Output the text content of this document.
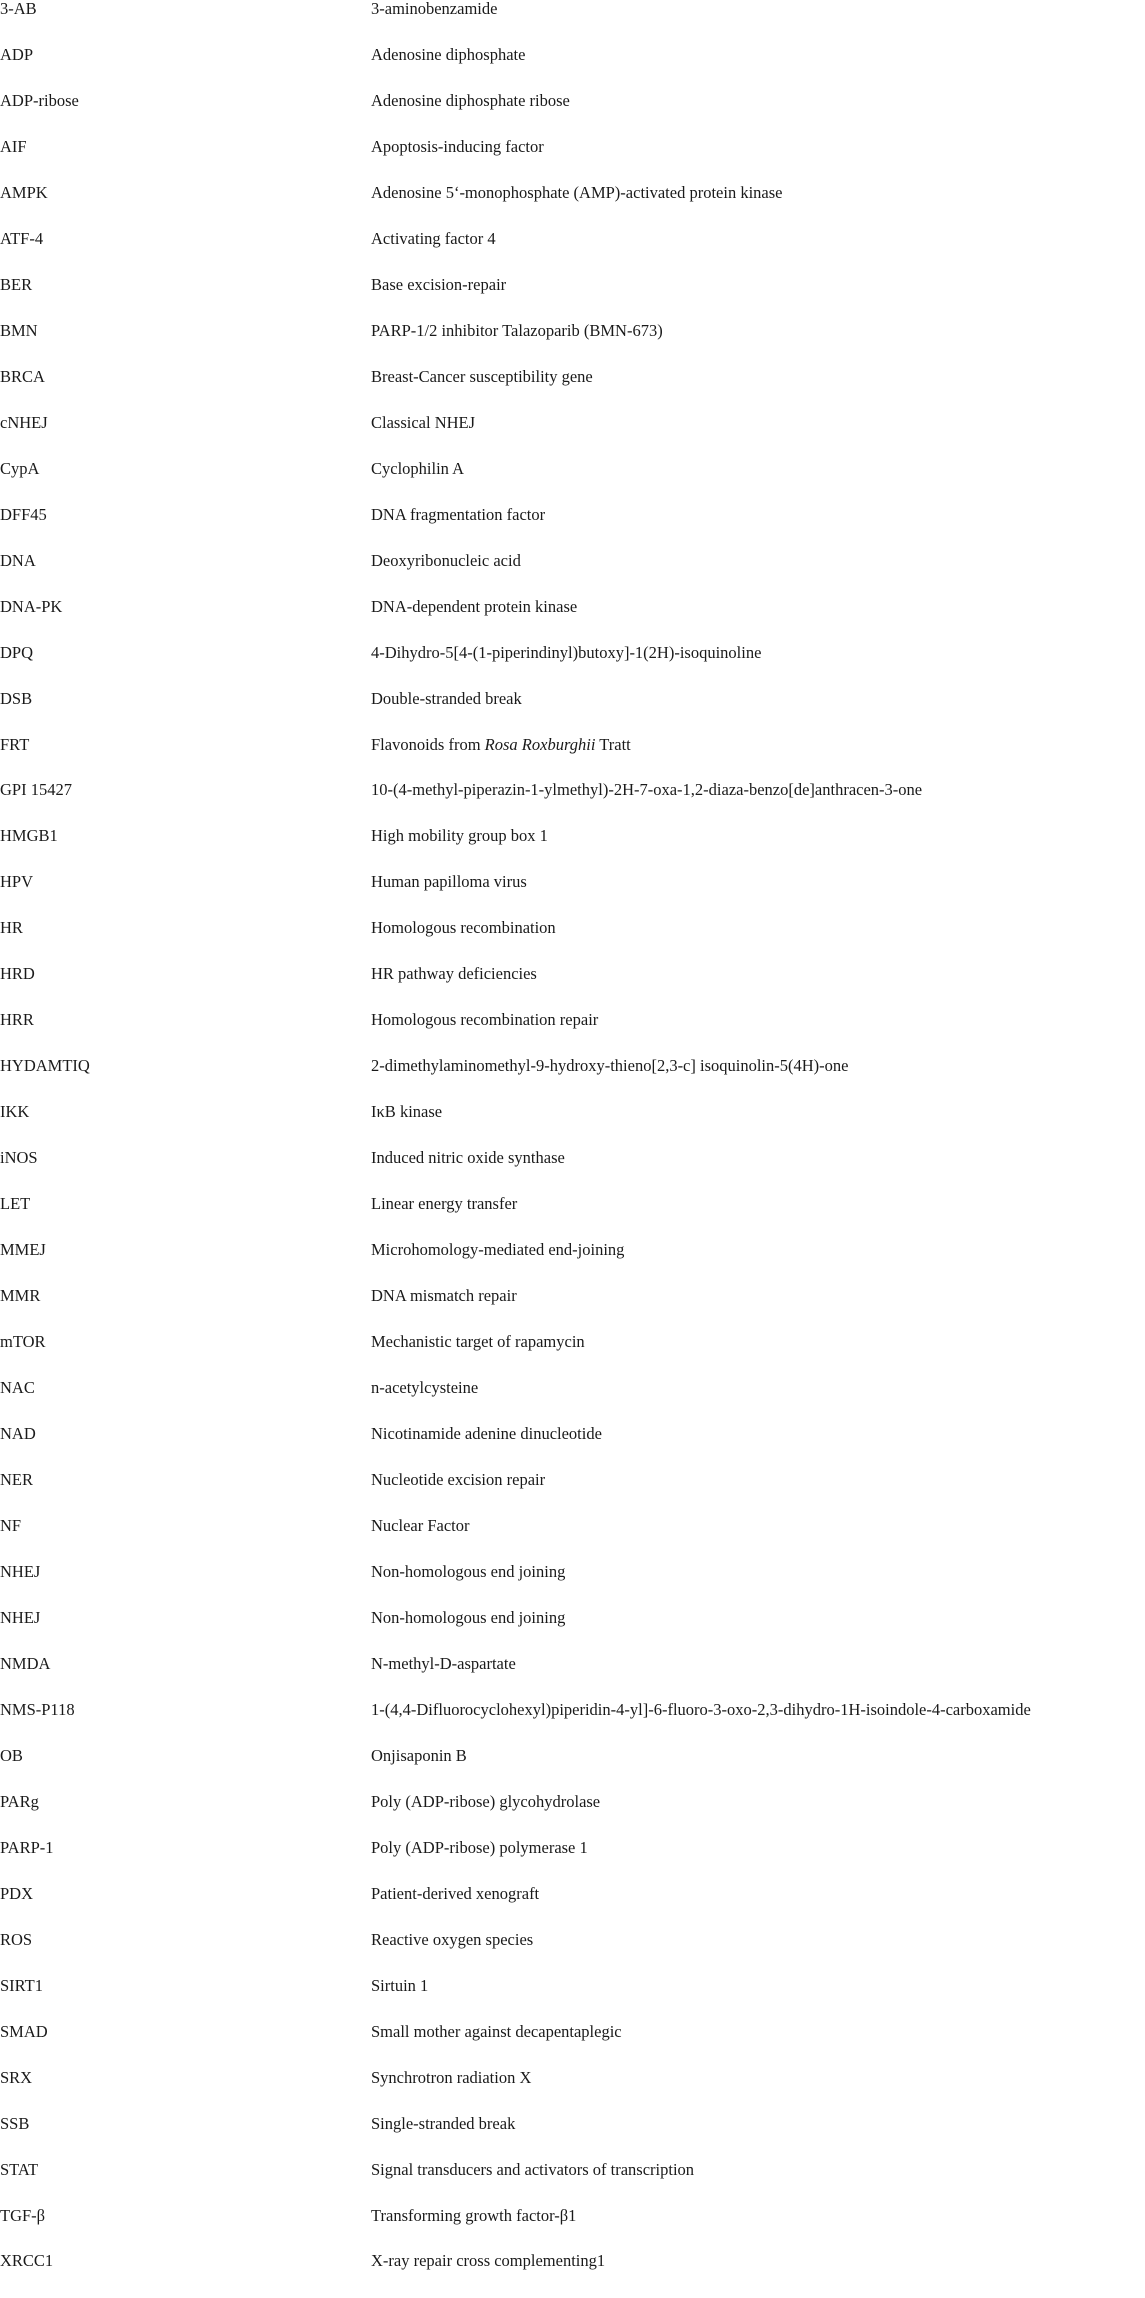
3-AB	3-aminobenzamide
ADP	Adenosine diphosphate
ADP-ribose	Adenosine diphosphate ribose
AIF	Apoptosis-inducing factor
AMPK	Adenosine 5‘-monophosphate (AMP)-activated protein kinase
ATF-4	Activating factor 4
BER	Base excision-repair
BMN	PARP-1/2 inhibitor Talazoparib (BMN-673)
BRCA	Breast-Cancer susceptibility gene
cNHEJ	Classical NHEJ
CypA	Cyclophilin A
DFF45	DNA fragmentation factor
DNA	Deoxyribonucleic acid
DNA-PK	DNA-dependent protein kinase
DPQ	4-Dihydro-5[4-(1-piperindinyl)butoxy]-1(2H)-isoquinoline
DSB	Double-stranded break
FRT	Flavonoids from Rosa Roxburghii Tratt
GPI 15427	10-(4-methyl-piperazin-1-ylmethyl)-2H-7-oxa-1,2-diaza-benzo[de]anthracen-3-one
HMGB1	High mobility group box 1
HPV	Human papilloma virus
HR	Homologous recombination
HRD	HR pathway deficiencies
HRR	Homologous recombination repair
HYDAMTIQ	2-dimethylaminomethyl-9-hydroxy-thieno[2,3-c] isoquinolin-5(4H)-one
IKK	IκB kinase
iNOS	Induced nitric oxide synthase
LET	Linear energy transfer
MMEJ	Microhomology-mediated end-joining
MMR	DNA mismatch repair
mTOR	Mechanistic target of rapamycin
NAC	n-acetylcysteine
NAD	Nicotinamide adenine dinucleotide
NER	Nucleotide excision repair
NF	Nuclear Factor
NHEJ	Non-homologous end joining
NHEJ	Non-homologous end joining
NMDA	N-methyl-D-aspartate
NMS-P118	1-(4,4-Difluorocyclohexyl)piperidin-4-yl]-6-fluoro-3-oxo-2,3-dihydro-1H-isoindole-4-carboxamide
OB	Onjisaponin B
PARg	Poly (ADP-ribose) glycohydrolase
PARP-1	Poly (ADP-ribose) polymerase 1
PDX	Patient-derived xenograft
ROS	Reactive oxygen species
SIRT1	Sirtuin 1
SMAD	Small mother against decapentaplegic
SRX	Synchrotron radiation X
SSB	Single-stranded break
STAT	Signal transducers and activators of transcription
TGF-β	Transforming growth factor-β1
XRCC1	X-ray repair cross complementing1
